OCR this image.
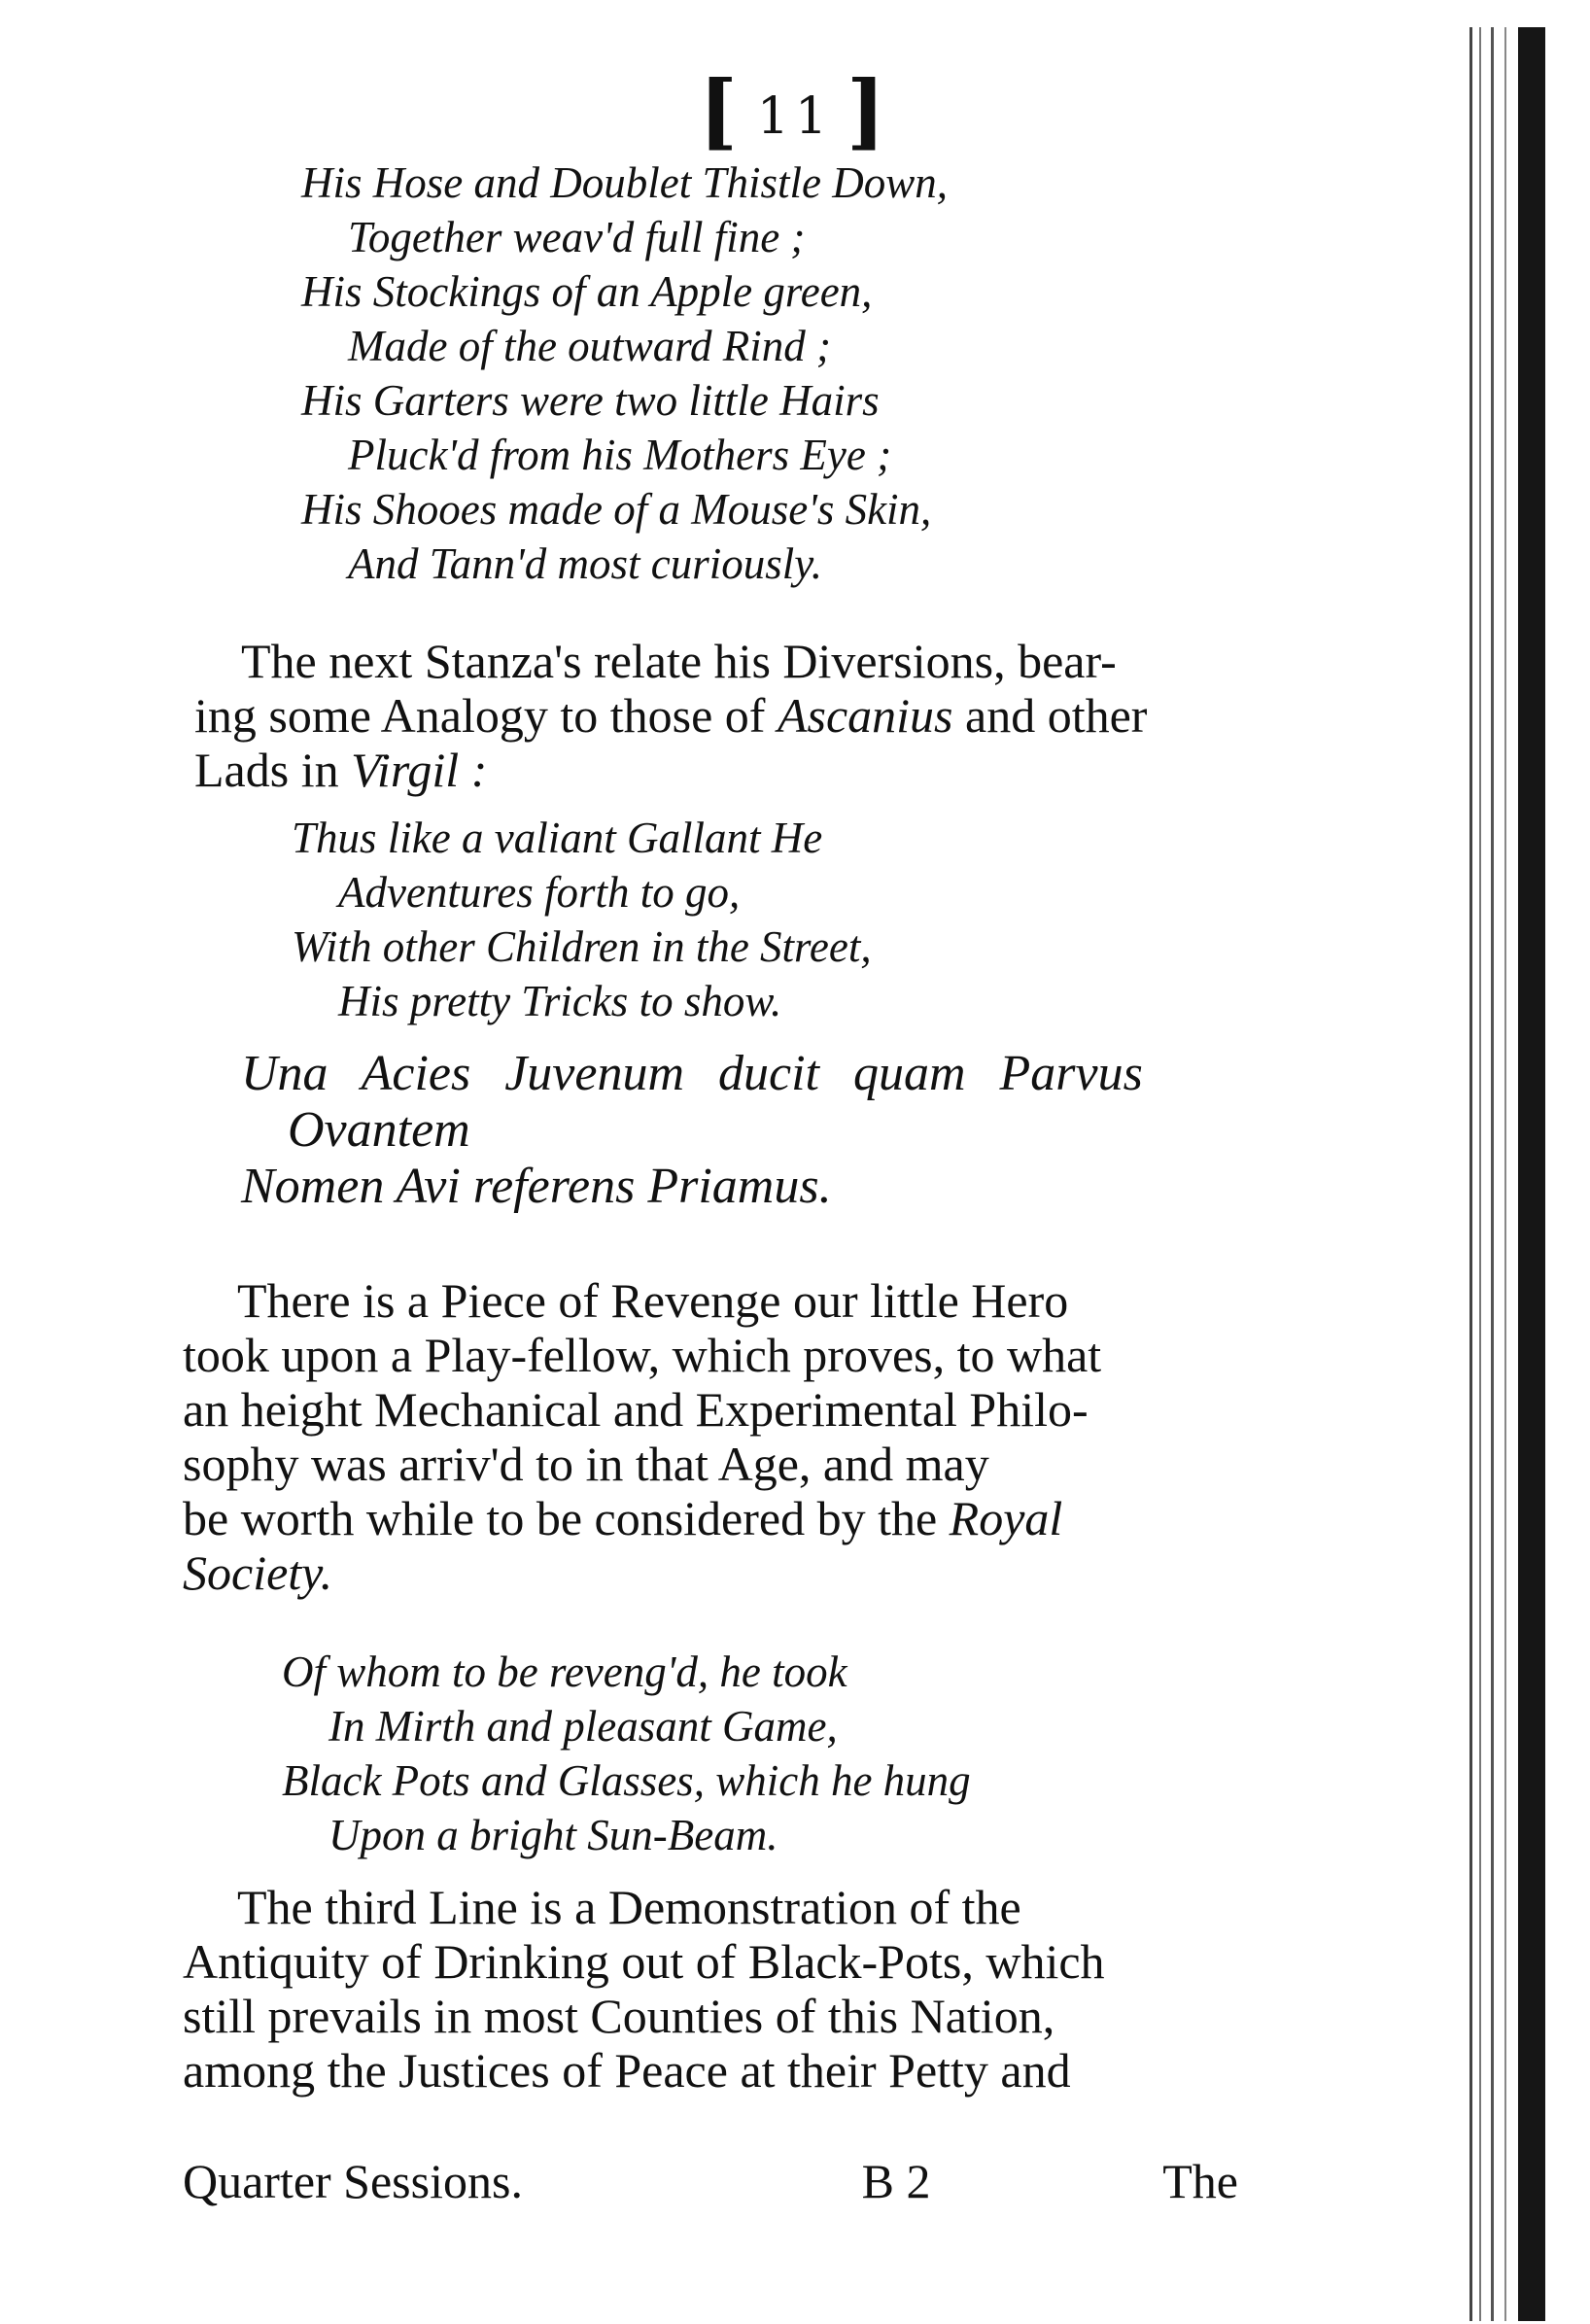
[ 11 ]
His Hose and Doublet Thistle Down,
Together weav'd full fine ;
His Stockings of an Apple green,
Made of the outward Rind ;
His Garters were two little Hairs
Pluck'd from his Mothers Eye ;
His Shooes made of a Mouse's Skin,
And Tann'd most curiously.
The next Stanza's relate his Diversions, bear-
ing some Analogy to those of Ascanius and other
Lads in Virgil :
Thus like a valiant Gallant He
Adventures forth to go,
With other Children in the Street,
His pretty Tricks to show.
Una Acies Juvenum ducit quam Parvus
Ovantem
Nomen Avi referens Priamus.
There is a Piece of Revenge our little Hero
took upon a Play-fellow, which proves, to what
an height Mechanical and Experimental Philo-
sophy was arriv'd to in that Age, and may
be worth while to be considered by the Royal
Society.
Of whom to be reveng'd, he took
In Mirth and pleasant Game,
Black Pots and Glasses, which he hung
Upon a bright Sun-Beam.
The third Line is a Demonstration of the
Antiquity of Drinking out of Black-Pots, which
still prevails in most Counties of this Nation,
among the Justices of Peace at their Petty and
Quarter Sessions.	B 2	The
